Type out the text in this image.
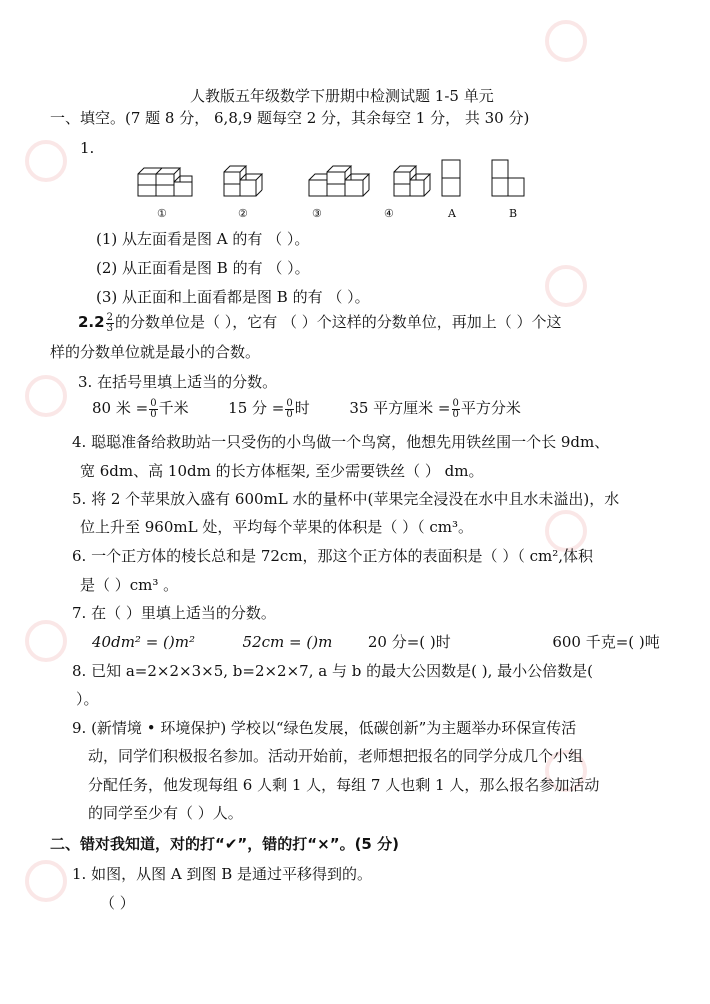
人教版五年级数学下册期中检测试题 1-5 单元
一、填空。(7 题 8 分， 6,8,9 题每空 2 分，其余每空 1 分， 共 30 分)
1.
①	②	③	④	A	B
(1) 从左面看是图 A 的有 （ ）。
(2) 从正面看是图 B 的有 （ ）。
(3) 从正面和上面看都是图 B 的有 （ ）。
$2.2 \frac{2}{3}$ 的分数单位是（ ），它有 （ ）个这样的分数单位，再加上（ ）个这
样的分数单位就是最小的合数。
3. 在括号里填上适当的分数。
80 米 = $\frac{0}{0}$ 千米	15 分 = $\frac{0}{0}$ 时	35 平方厘米 = $\frac{0}{0}$ 平方分米
4. 聪聪准备给救助站一只受伤的小鸟做一个鸟窝，他想先用铁丝围一个长 9dm、
宽 6dm、高 10dm 的长方体框架, 至少需要铁丝（ ） dm。
5. 将 2 个苹果放入盛有 600mL 水的量杯中(苹果完全浸没在水中且水未溢出)，水
位上升至 960mL 处，平均每个苹果的体积是（ ）（ cm³。
6. 一个正方体的棱长总和是 72cm，那这个正方体的表面积是（ ）（ cm²,体积
是（ ）cm³ 。
7. 在（ ）里填上适当的分数。
40dm² = ()m²	52cm = ()m 20 分=( )时	600 千克=( )吨
8. 已知 a=2×2×3×5, b=2×2×7, a 与 b 的最大公因数是( ), 最小公倍数是(
）。
9. (新情境 • 环境保护) 学校以“绿色发展，低碳创新”为主题举办环保宣传活
动，同学们积极报名参加。活动开始前，老师想把报名的同学分成几个小组
分配任务，他发现每组 6 人剩 1 人，每组 7 人也剩 1 人，那么报名参加活动
的同学至少有（ ）人。
二、错对我知道，对的打“✔”，错的打“×”。(5 分)
1. 如图，从图 A 到图 B 是通过平移得到的。
（ ）
